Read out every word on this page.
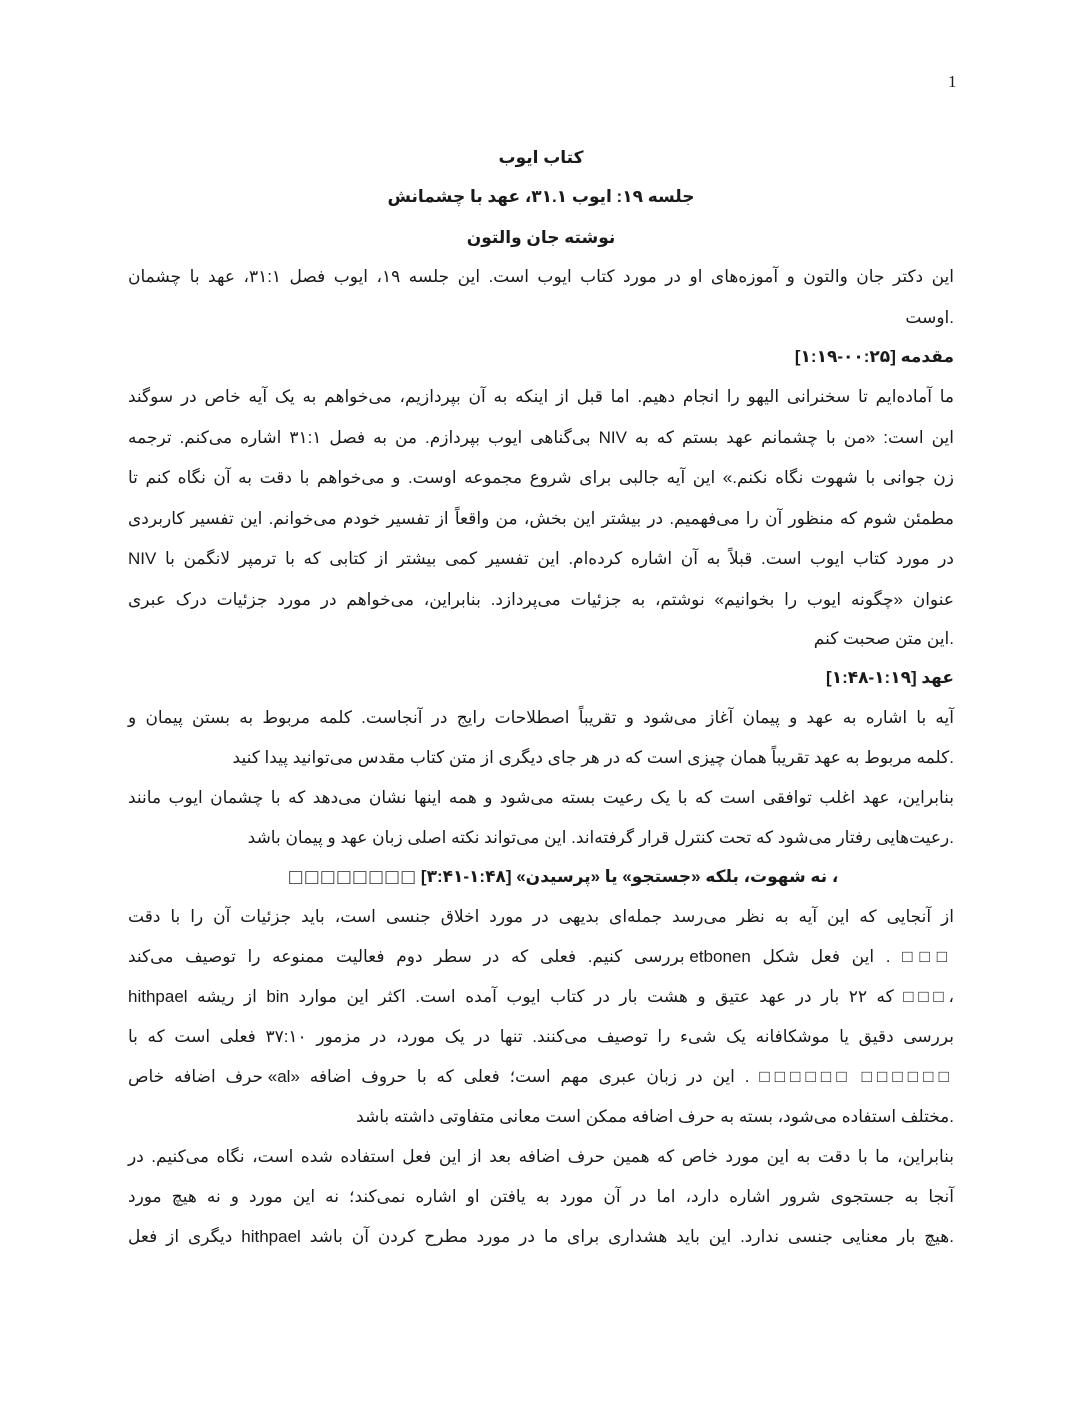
1
کتاب ایوب
جلسه ۱۹: ایوب ۳۱.۱، عهد با چشمانش
نوشته جان والتون
این دکتر جان والتون و آموزه‌های او در مورد کتاب ایوب است. این جلسه ۱۹، ایوب فصل ۳۱:۱، عهد با چشمان
.اوست
مقدمه [۰۰:۲۵-۱:۱۹]
ما آماده‌ایم تا سخنرانی الیهو را انجام دهیم. اما قبل از اینکه به آن بپردازیم، می‌خواهم به یک آیه خاص در سوگند
این است: «من با چشمانم عهد بستم که به NIV بی‌گناهی ایوب بپردازم. من به فصل ۳۱:۱ اشاره می‌کنم. ترجمه
زن جوانی با شهوت نگاه نکنم.» این آیه جالبی برای شروع مجموعه اوست. و می‌خواهم با دقت به آن نگاه کنم تا
مطمئن شوم که منظور آن را می‌فهمیم. در بیشتر این بخش، من واقعاً از تفسیر خودم می‌خوانم. این تفسیر کاربردی
در مورد کتاب ایوب است. قبلاً به آن اشاره کرده‌ام. این تفسیر کمی بیشتر از کتابی که با ترمپر لانگمن با NIV
عنوان «چگونه ایوب را بخوانیم» نوشتم، به جزئیات می‌پردازد. بنابراین، می‌خواهم در مورد جزئیات درک عبری
.این متن صحبت کنم
عهد [۱:۱۹-۱:۴۸]
آیه با اشاره به عهد و پیمان آغاز می‌شود و تقریباً اصطلاحات رایج در آنجاست. کلمه مربوط به بستن پیمان و
.کلمه مربوط به عهد تقریباً همان چیزی است که در هر جای دیگری از متن کتاب مقدس می‌توانید پیدا کنید
بنابراین، عهد اغلب توافقی است که با یک رعیت بسته می‌شود و همه اینها نشان می‌دهد که با چشمان ایوب مانند
.رعیت‌هایی رفتار می‌شود که تحت کنترل قرار گرفته‌اند. این می‌تواند نکته اصلی زبان عهد و پیمان باشد
، نه شهوت، بلکه «جستجو» یا «پرسیدن» [۱:۴۸-۳:۴۱] □□□□□□□□
از آنجایی که این آیه به نظر می‌رسد جمله‌ای بدیهی در مورد اخلاق جنسی است، باید جزئیات آن را با دقت
□□□ . این فعل شکل etbonen بررسی کنیم. فعلی که در سطر دوم فعالیت ممنوعه را توصیف می‌کند
،□□□ که ۲۲ بار در عهد عتیق و هشت بار در کتاب ایوب آمده است. اکثر این موارد bin از ریشه hithpael
بررسی دقیق یا موشکافانه یک شیء را توصیف می‌کنند. تنها در یک مورد، در مزمور ۳۷:۱۰ فعلی است که با
□□□□□□ □□□□□□ . این در زبان عبری مهم است؛ فعلی که با حروف اضافه «al» حرف اضافه خاص
.مختلف استفاده می‌شود، بسته به حرف اضافه ممکن است معانی متفاوتی داشته باشد
بنابراین، ما با دقت به این مورد خاص که همین حرف اضافه بعد از این فعل استفاده شده است، نگاه می‌کنیم. در
آنجا به جستجوی شرور اشاره دارد، اما در آن مورد به یافتن او اشاره نمی‌کند؛ نه این مورد و نه هیچ مورد
.هیچ بار معنایی جنسی ندارد. این باید هشداری برای ما در مورد مطرح کردن آن باشد hithpael دیگری از فعل
